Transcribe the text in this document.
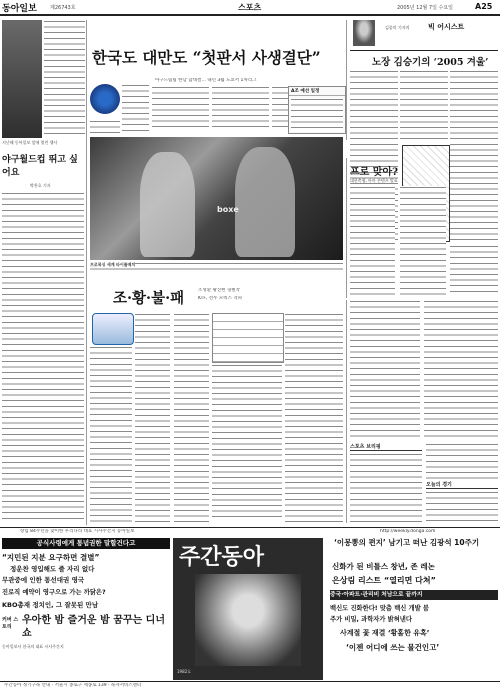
동아일보	제26743호	스포츠	2005년 12월 7일 수요일	A25
지난해 동아일보 앞에 열린 행사
야구월드컵 뛰고 싶어요
박찬호 기자
한국도 대만도 “첫판서 사생결단”
아구드림팀 한남 합대결… 내년 3월 도쿄서 1차리그
A조 예선 일정
김종미 기자의	빅 어시스트
노장 김승기의 ‘2005 겨울’
boxe
프로복싱 세계 타이틀매치
프로 맞아?
대한축협, 아마 콘텐츠 발표
조·황·불·패	조성환 황진현 형벌작
KTF, 선두 모비스 격파
스포츠 브리핑
오늘의 경기
창립 84주년을 맞이한 우리나라 대표 시사주간지 동아일보	http://weekly.donga.com
공식사령에게 통념권한 말할건다고
“지민된 지분 요구하면 결별”
정운찬 영입해도 줄 자리 없다
무관중에 인한 통선대권 영국
진로직 예약이 영구으로 가는 까닭은?
KBO총재 정치인, 그 잘못된 만남
커버 스토리
우아한 밤 즐거운 밤 꿈꾸는 디너쇼
동아일보사 한국의 대표 시사주간지
주간동아
1982호
‘이몽뽕의 편지’ 남기고 떠난 김광석 10주기
신화가 된 비틀스 창년, 존 레논
은상림 리스트 “열리면 다쳐”
중국·아파트·관리비 처남으로 끝까지
백신도 진화한다! 맞춤 백신 개발 붐
주가 비밀, 과학자가 밝혀낸다
사계절 꽃 재결 ‘황홀한 유혹’
‘이젠 어디에 쓰는 물건인고’
주간동아 정기구독 안내 · 서울시 종로구 세종로 139 · 독자서비스센터
